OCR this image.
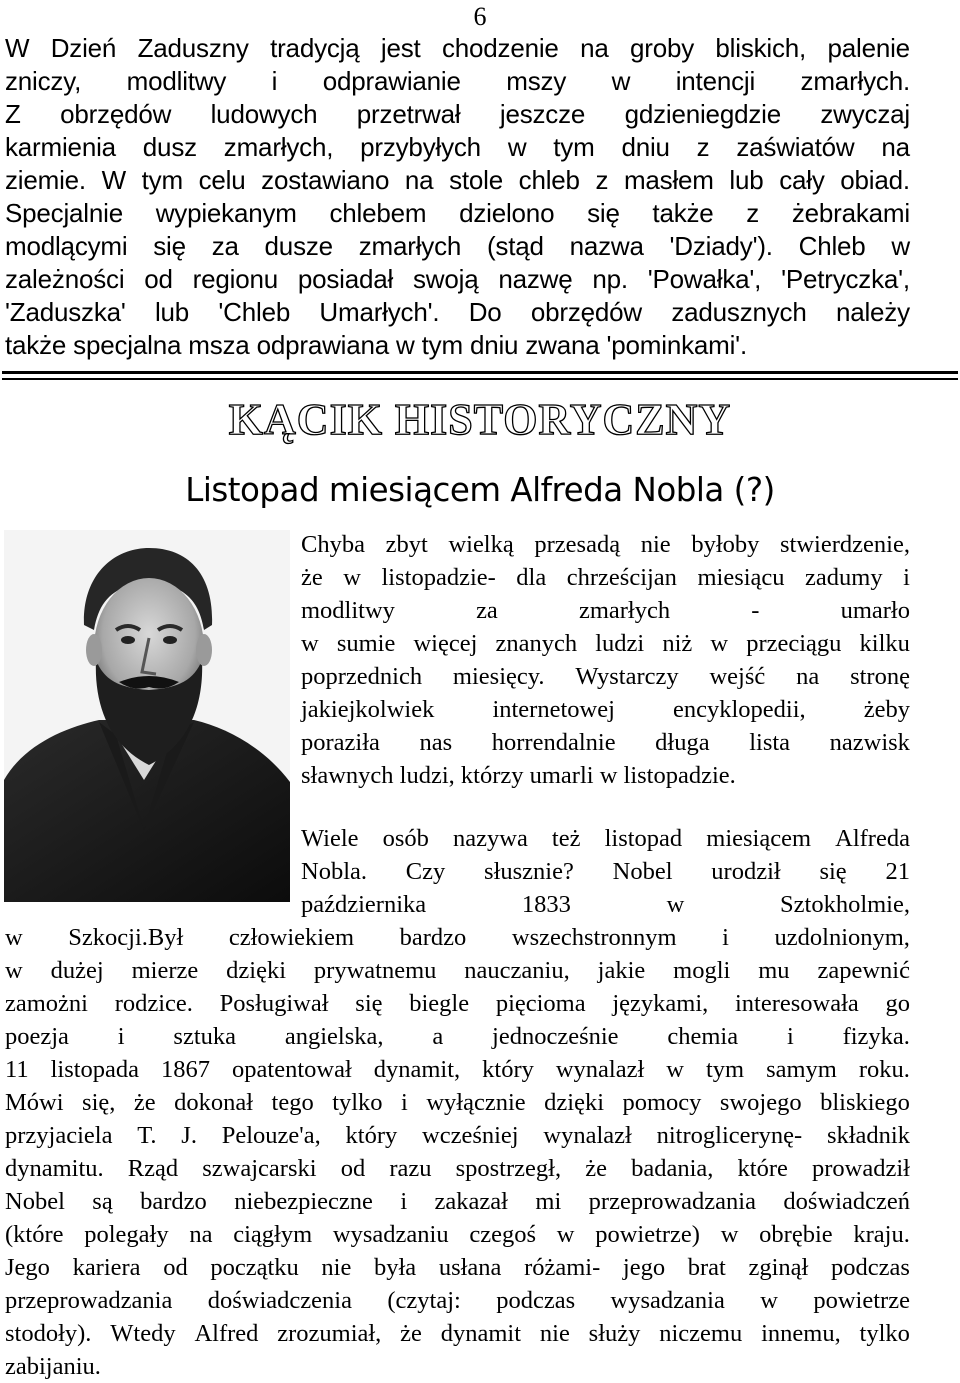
6
W Dzień Zaduszny tradycją jest chodzenie na groby bliskich, palenie
zniczy, modlitwy i odprawianie mszy w intencji zmarłych.
Z obrzędów ludowych przetrwał jeszcze gdzieniegdzie zwyczaj
karmienia dusz zmarłych, przybyłych w tym dniu z zaświatów na
ziemie. W tym celu zostawiano na stole chleb z masłem lub cały obiad.
Specjalnie wypiekanym chlebem dzielono się także z żebrakami
modlącymi się za dusze zmarłych (stąd nazwa 'Dziady'). Chleb w
zależności od regionu posiadał swoją nazwę np. 'Powałka', 'Petryczka',
'Zaduszka' lub 'Chleb Umarłych'. Do obrzędów zadusznych należy
także specjalna msza odprawiana w tym dniu zwana 'pominkami'.
KĄCIK HISTORYCZNY
Listopad miesiącem Alfreda Nobla (?)
Chyba zbyt wielką przesadą nie byłoby stwierdzenie,
że w listopadzie- dla chrześcijan miesiącu zadumy i
modlitwy	za	zmarłych	-	umarło
w sumie więcej znanych ludzi niż w przeciągu kilku
poprzednich miesięcy. Wystarczy wejść na stronę
jakiejkolwiek internetowej encyklopedii, żeby
poraziła nas horrendalnie długa lista nazwisk
sławnych ludzi, którzy umarli w listopadzie.
Wiele osób nazywa też listopad miesiącem Alfreda
Nobla. Czy słusznie? Nobel urodził się 21
października	1833	w	Sztokholmie,
w Szkocji.Był człowiekiem bardzo wszechstronnym i uzdolnionym,
w dużej mierze dzięki prywatnemu nauczaniu, jakie mogli mu zapewnić
zamożni rodzice. Posługiwał się biegle pięcioma językami, interesowała go
poezja i sztuka angielska, a jednocześnie chemia i fizyka.
11 listopada 1867 opatentował dynamit, który wynalazł w tym samym roku.
Mówi się, że dokonał tego tylko i wyłącznie dzięki pomocy swojego bliskiego
przyjaciela T. J. Pelouze'a, który wcześniej wynalazł nitroglicerynę- składnik
dynamitu. Rząd szwajcarski od razu spostrzegł, że badania, które prowadził
Nobel są bardzo niebezpieczne i zakazał mi przeprowadzania doświadczeń
(które polegały na ciągłym wysadzaniu czegoś w powietrze) w obrębie kraju.
Jego kariera od początku nie była usłana różami- jego brat zginął podczas
przeprowadzania doświadczenia (czytaj: podczas wysadzania w powietrze
stodoły). Wtedy Alfred zrozumiał, że dynamit nie służy niczemu innemu, tylko
zabijaniu.
